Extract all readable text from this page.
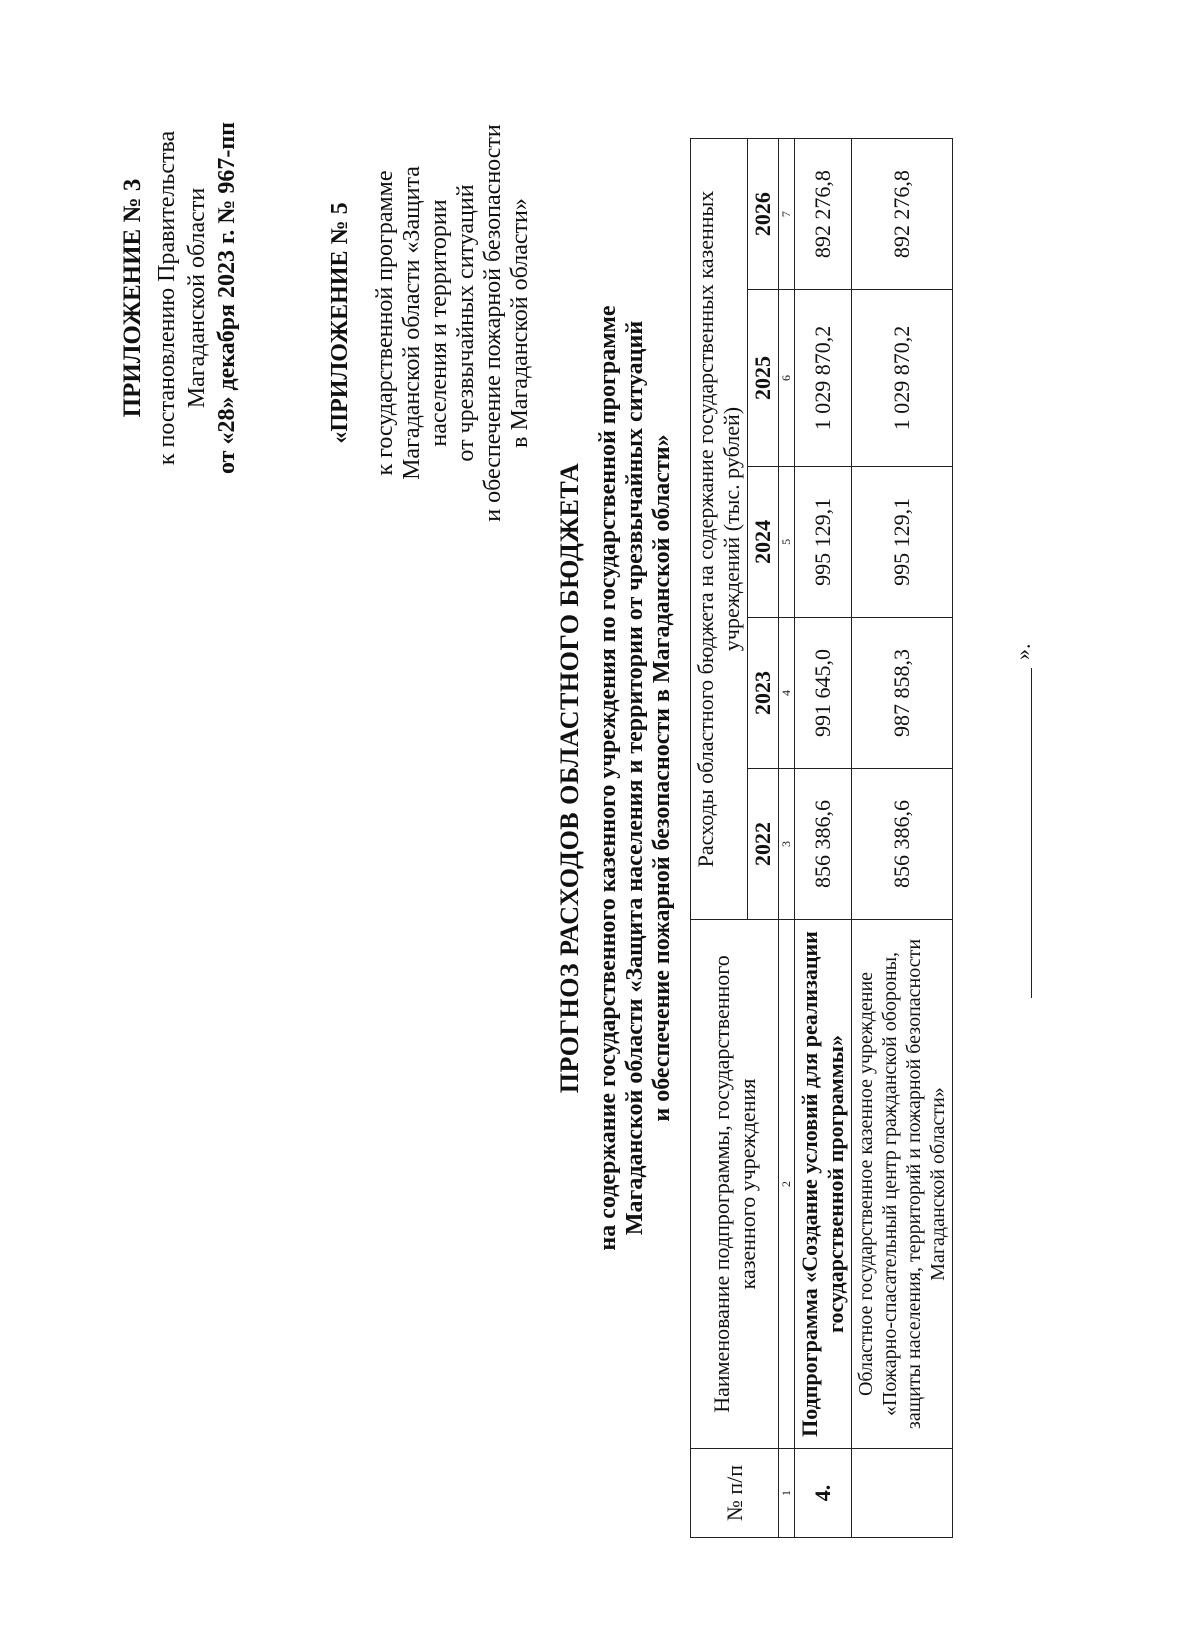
ПРИЛОЖЕНИЕ № 3 к постановлению Правительства Магаданской области от «28» декабря 2023 г. № 967-пп	«ПРИЛОЖЕНИЕ № 5 к государственной программе Магаданской области «Защита населения и территории от чрезвычайных ситуаций и обеспечение пожарной безопасности в Магаданской области»
ПРОГНОЗ РАСХОДОВ ОБЛАСТНОГО БЮДЖЕТА на содержание государственного казенного учреждения по государственной программе Магаданской области «Защита населения и территории от чрезвычайных ситуаций и обеспечение пожарной безопасности в Магаданской области»
№ п/п	Наименование подпрограммы, государственного казенного учреждения	Расходы областного бюджета на содержание государственных казенных учреждений (тыс. рублей)				
		2022	2023	2024	2025	2026
1	2	3	4	5	6	7
4.	Подпрограмма «Создание условий для реализации государственной программы»	856 386,6	991 645,0	995 129,1	1 029 870,2	892 276,8
	Областное государственное казенное учреждение «Пожарно-спасательный центр гражданской обороны, защиты населения, территорий и пожарной безопасности Магаданской области»	856 386,6	987 858,3	995 129,1	1 029 870,2	892 276,8
».
